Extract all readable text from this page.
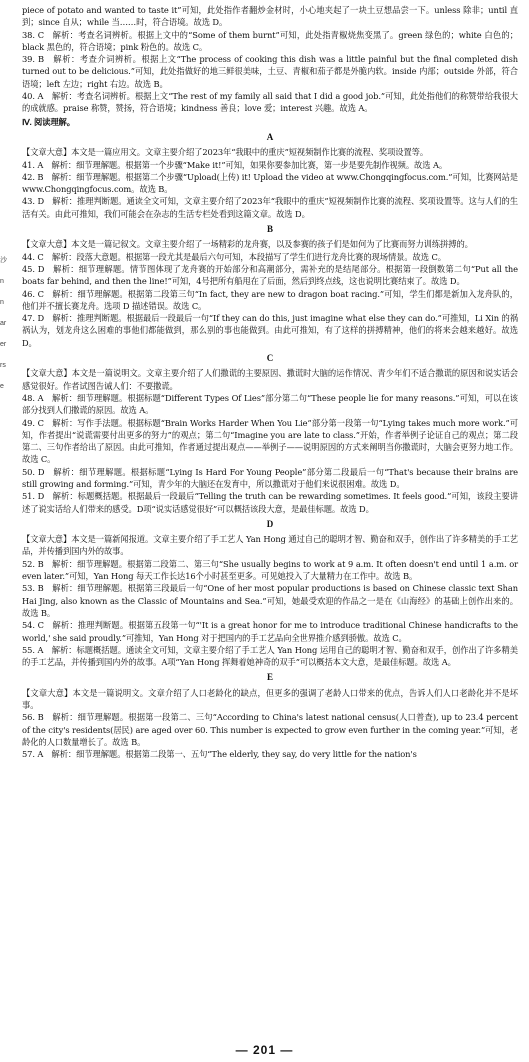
沙
n
n
ar
er
rs
e

piece of potato and wanted to taste it”可知，此处指作者翻炒金材时，小心地夹起了一块土豆想品尝一下。unless 除非；until 直到；since 自从；while 当……时，符合语境。故选 D。

38. C　解析：考查名词辨析。根据上文中的“Some of them burnt”可知，此处指青椒烧焦变黑了。green 绿色的；white 白色的；black 黑色的，符合语境；pink 粉色的。故选 C。

39. B　解析：考查介词辨析。根据上文“The process of cooking this dish was a little painful but the final completed dish turned out to be delicious.”可知，此处指做好的地三鲜很美味，土豆、青椒和茄子都是外脆内软。inside 内部；outside 外部，符合语境；left 左边；right 右边。故选 B。

40. A　解析：考查名词辨析。根据上文“The rest of my family all said that I did a good job.”可知，此处指他们的称赞带给我很大的成就感。praise 称赞，赞扬，符合语境；kindness 善良；love 爱；interest 兴趣。故选 A。

Ⅳ. 阅读理解。
A

【文章大意】本文是一篇应用文。文章主要介绍了2023年“我眼中的重庆”短视频制作比赛的流程、奖项设置等。

41. A　解析：细节理解题。根据第一个步骤“Make it!”可知，如果你要参加比赛，第一步是要先制作视频。故选 A。

42. B　解析：细节理解题。根据第二个步骤“Upload(上传) it! Upload the video at www.Chongqingfocus.com.”可知，比赛网站是 www.Chongqingfocus.com。故选 B。

43. D　解析：推理判断题。通读全文可知，文章主要介绍了2023年“我眼中的重庆”短视频制作比赛的流程、奖项设置等。这与人们的生活有关。由此可推知，我们可能会在杂志的生活专栏处看到这篇文章。故选 D。

B

【文章大意】本文是一篇记叙文。文章主要介绍了一场精彩的龙舟赛，以及参赛的孩子们是如何为了比赛而努力训练拼搏的。

44. C　解析：段落大意题。根据第一段尤其是最后六句可知，本段描写了学生们进行龙舟比赛的现场情景。故选 C。

45. D　解析：细节理解题。情节图体现了龙舟赛的开始部分和高潮部分，需补充的是结尾部分。根据第一段倒数第二句“Put all the boats far behind, and then the line!”可知，4号把所有船甩在了后面，然后到终点线，这也说明比赛结束了。故选 D。

46. C　解析：细节理解题。根据第二段第三句“In fact, they are new to dragon boat racing.”可知，学生们都是新加入龙舟队的，他们并不擅长赛龙舟。选项 D 描述错误。故选 C。

47. D　解析：推理判断题。根据最后一段最后一句“If they can do this, just imagine what else they can do.”可推知，Li Xin 的祸祸认为，划龙舟这么困难的事他们都能做到，那么别的事也能做到。由此可推知，有了这样的拼搏精神，他们的将来会越来越好。故选 D。

C

【文章大意】本文是一篇说明文。文章主要介绍了人们撒谎的主要原因、撒谎时大脑的运作情况、青少年们不适合撒谎的原因和说实话会感觉很好。作者试图告诫人们：不要撒谎。

48. A　解析：细节理解题。根据标题“Different Types Of Lies”部分第二句“These people lie for many reasons.”可知，可以在该部分找到人们撒谎的原因。故选 A。

49. C　解析：写作手法题。根据标题“Brain Works Harder When You Lie”部分第一段第一句“Lying takes much more work.”可知，作者提出“说谎需要付出更多的努力”的观点；第二句“Imagine you are late to class.”开始，作者举例子论证自己的观点；第二段第二、三句作者给出了原因。由此可推知，作者通过提出观点——举例子——说明原因的方式来阐明当你撒谎时，大脑会更努力地工作。故选 C。

50. D　解析：细节理解题。根据标题“Lying Is Hard For Young People”部分第二段最后一句“That's because their brains are still growing and forming.”可知，青少年的大脑还在发育中，所以撒谎对于他们来说很困难。故选 D。

51. D　解析：标题概括题。根据最后一段最后“Telling the truth can be rewarding sometimes. It feels good.”可知，该段主要讲述了说实话给人们带来的感受。D项“说实话感觉很好”可以概括该段大意，是最佳标题。故选 D。

D

【文章大意】本文是一篇新闻报道。文章主要介绍了手工艺人 Yan Hong 通过自己的聪明才智、勤奋和双手，创作出了许多精美的手工艺品，并传播到国内外的故事。

52. B　解析：细节理解题。根据第二段第二、第三句“She usually begins to work at 9 a.m. It often doesn't end until 1 a.m. or even later.”可知，Yan Hong 每天工作长达16个小时甚至更多。可见她投入了大量精力在工作中。故选 B。

53. B　解析：细节理解题。根据第三段最后一句“One of her most popular productions is based on Chinese classic text Shan Hai Jing, also known as the Classic of Mountains and Sea.”可知，她最受欢迎的作品之一是在《山海经》的基础上创作出来的。故选 B。

54. C　解析：推理判断题。根据第五段第一句“'It is a great honor for me to introduce traditional Chinese handicrafts to the world,' she said proudly.”可推知，Yan Hong 对于把国内的手工艺品向全世界推介感到骄傲。故选 C。

55. A　解析：标题概括题。通读全文可知，文章主要介绍了手工艺人 Yan Hong 运用自己的聪明才智、勤奋和双手，创作出了许多精美的手工艺品，并传播到国内外的故事。A项“Yan Hong 挥舞着她神奇的双手”可以概括本文大意，是最佳标题。故选 A。

E

【文章大意】本文是一篇说明文。文章介绍了人口老龄化的缺点，但更多的强调了老龄人口带来的优点，告诉人们人口老龄化并不是坏事。

56. B　解析：细节理解题。根据第一段第二、三句“According to China's latest national census(人口普查), up to 23.4 percent of the city's residents(居民) are aged over 60. This number is expected to grow even further in the coming year.”可知，老龄化的人口数量增长了。故选 B。

57. A　解析：细节理解题。根据第二段第一、五句“The elderly, they say, do very little for the nation's

— 201 —
